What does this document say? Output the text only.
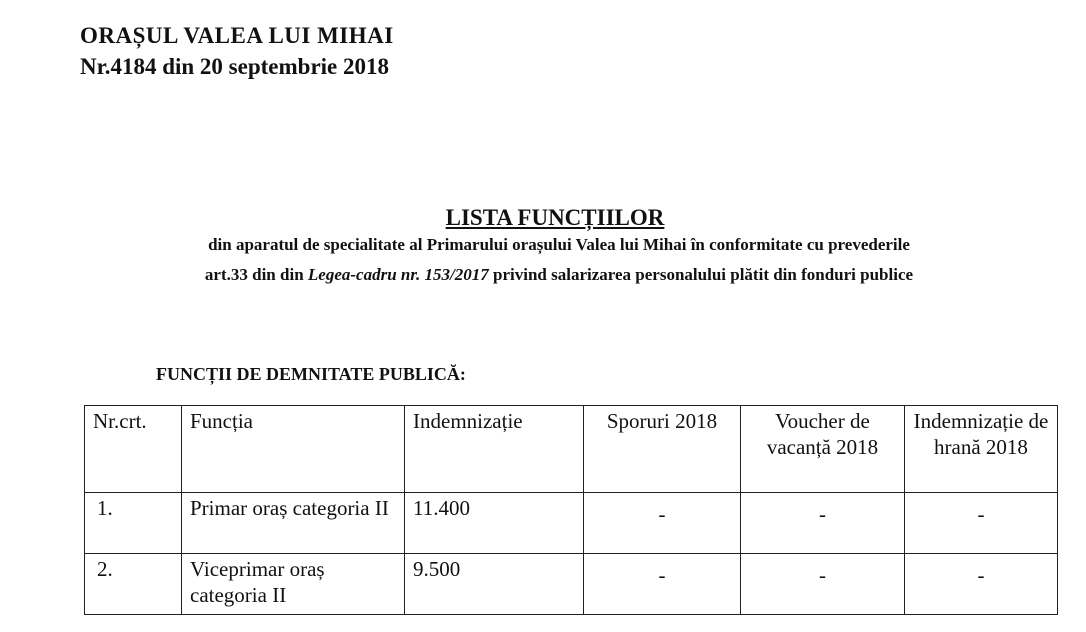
ORAȘUL VALEA LUI MIHAI
Nr.4184 din 20 septembrie 2018
LISTA FUNCȚIILOR
din aparatul de specialitate al Primarului orașului Valea lui Mihai în conformitate cu prevederile
art.33 din din Legea-cadru nr. 153/2017 privind salarizarea personalului plătit din fonduri publice
FUNCȚII DE DEMNITATE PUBLICĂ:
Nr.crt.	Funcția	Indemnizație	Sporuri 2018	Voucher de vacanță 2018	Indemnizație de hrană 2018
1.	Primar oraș categoria II	11.400	-	-	-
2.	Viceprimar oraș categoria II	9.500	-	-	-
